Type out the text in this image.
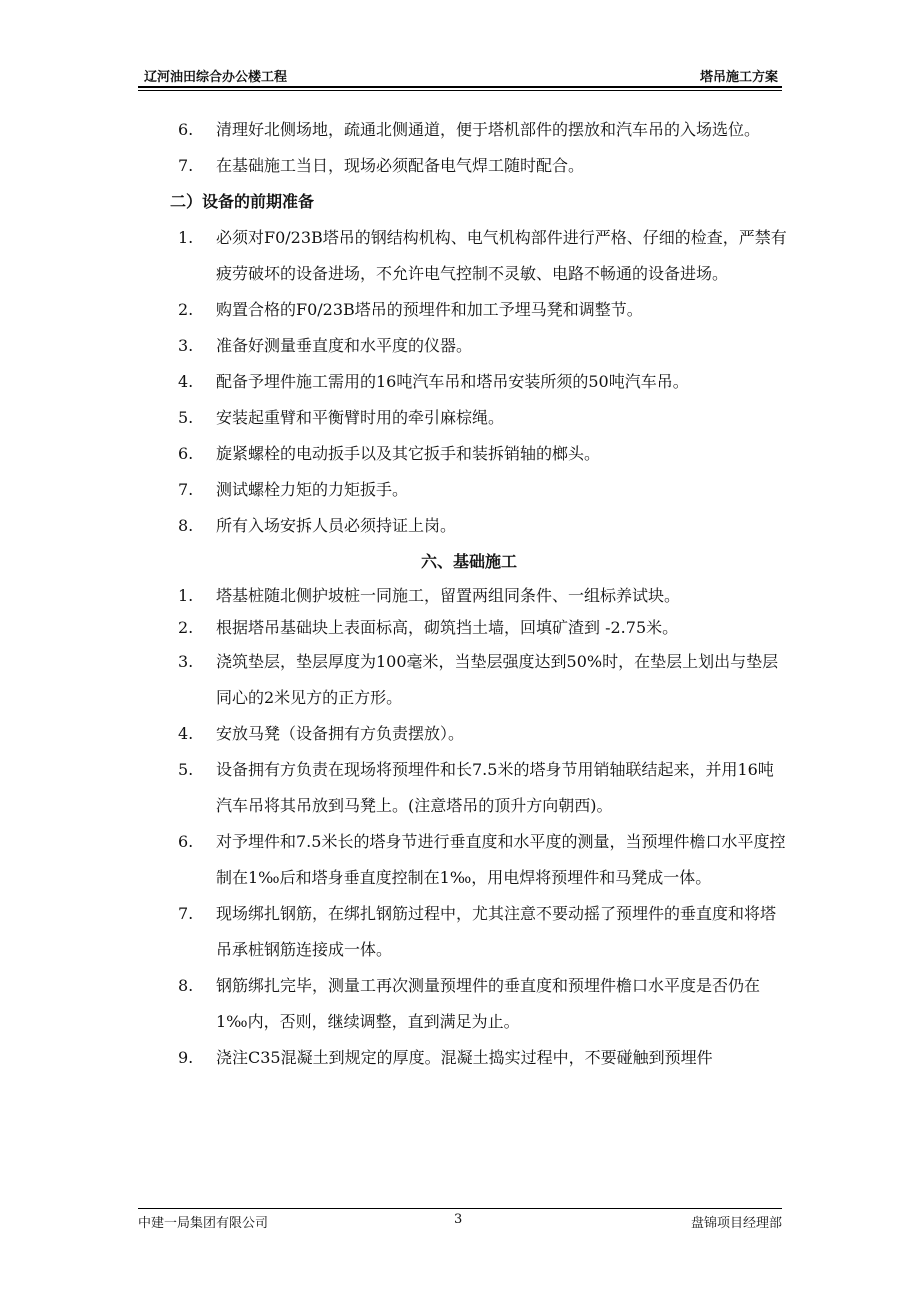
辽河油田综合办公楼工程	塔吊施工方案
6.	清理好北侧场地，疏通北侧通道，便于塔机部件的摆放和汽车吊的入场选位。
7.	在基础施工当日，现场必须配备电气焊工随时配合。
二）设备的前期准备
1.	必须对F0/23B塔吊的钢结构机构、电气机构部件进行严格、仔细的检查，严禁有疲劳破坏的设备进场，不允许电气控制不灵敏、电路不畅通的设备进场。
2.	购置合格的F0/23B塔吊的预埋件和加工予埋马凳和调整节。
3.	准备好测量垂直度和水平度的仪器。
4.	配备予埋件施工需用的16吨汽车吊和塔吊安装所须的50吨汽车吊。
5.	安装起重臂和平衡臂时用的牵引麻棕绳。
6.	旋紧螺栓的电动扳手以及其它扳手和装拆销轴的榔头。
7.	测试螺栓力矩的力矩扳手。
8.	所有入场安拆人员必须持证上岗。
六、基础施工
1.	塔基桩随北侧护坡桩一同施工，留置两组同条件、一组标养试块。
2.	根据塔吊基础块上表面标高，砌筑挡土墙，回填矿渣到 -2.75米。
3.	浇筑垫层，垫层厚度为100毫米，当垫层强度达到50%时，在垫层上划出与垫层同心的2米见方的正方形。
4.	安放马凳（设备拥有方负责摆放）。
5.	设备拥有方负责在现场将预埋件和长7.5米的塔身节用销轴联结起来，并用16吨汽车吊将其吊放到马凳上。(注意塔吊的顶升方向朝西)。
6.	对予埋件和7.5米长的塔身节进行垂直度和水平度的测量，当预埋件檐口水平度控制在1‰后和塔身垂直度控制在1‰，用电焊将预埋件和马凳成一体。
7.	现场绑扎钢筋，在绑扎钢筋过程中，尤其注意不要动摇了预埋件的垂直度和将塔吊承桩钢筋连接成一体。
8.	钢筋绑扎完毕，测量工再次测量预埋件的垂直度和预埋件檐口水平度是否仍在1‰内，否则，继续调整，直到满足为止。
9.	浇注C35混凝土到规定的厚度。混凝土捣实过程中，不要碰触到预埋件
中建一局集团有限公司	3	盘锦项目经理部
